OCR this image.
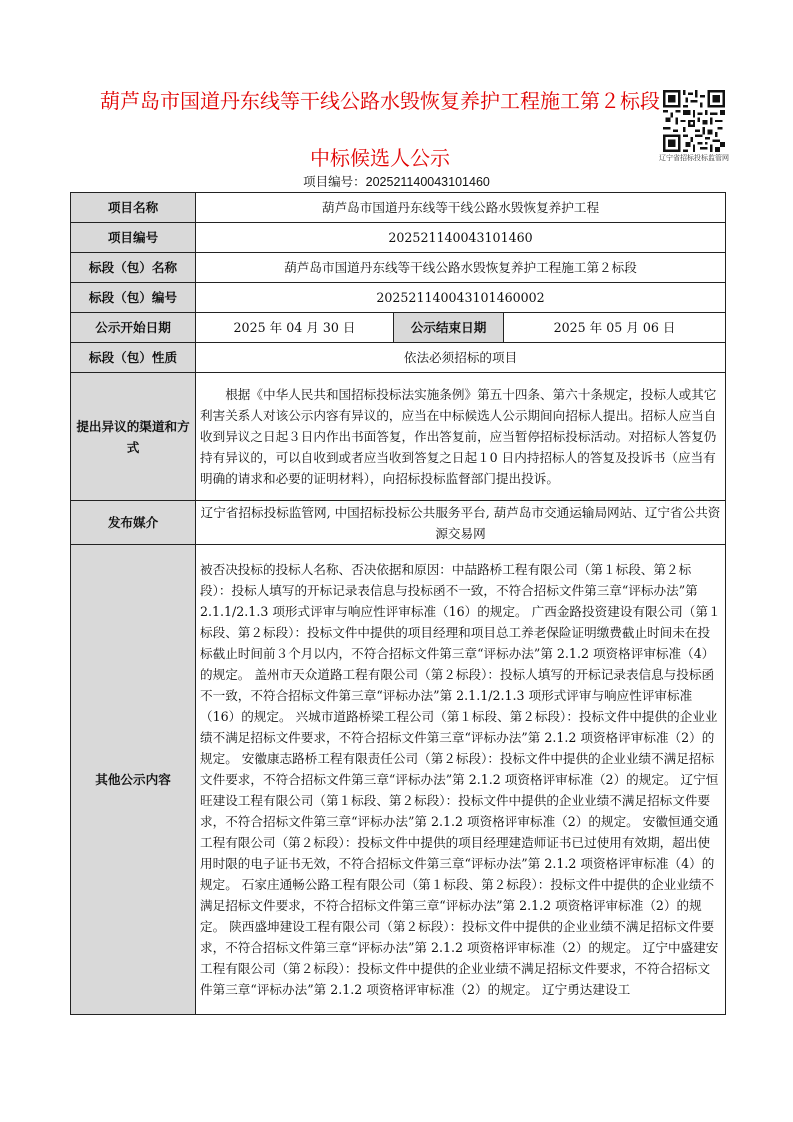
葫芦岛市国道丹东线等干线公路水毁恢复养护工程施工第２标段
中标候选人公示
项目编号：202521140043101460
辽宁省招标投标监管网
项目名称	葫芦岛市国道丹东线等干线公路水毁恢复养护工程		
项目编号	202521140043101460		
标段（包）名称	葫芦岛市国道丹东线等干线公路水毁恢复养护工程施工第２标段		
标段（包）编号	202521140043101460002		
公示开始日期	2025 年 04 月 30 日	公示结束日期	2025 年 05 月 06 日
标段（包）性质	依法必须招标的项目		
提出异议的渠道和方式	根据《中华人民共和国招标投标法实施条例》第五十四条、第六十条规定，投标人或其它利害关系人对该公示内容有异议的，应当在中标候选人公示期间向招标人提出。招标人应当自收到异议之日起３日内作出书面答复，作出答复前，应当暂停招标投标活动。对招标人答复仍持有异议的，可以自收到或者应当收到答复之日起１0 日内持招标人的答复及投诉书（应当有明确的请求和必要的证明材料），向招标投标监督部门提出投诉。		
发布媒介	辽宁省招标投标监管网, 中国招标投标公共服务平台, 葫芦岛市交通运输局网站、辽宁省公共资源交易网		
其他公示内容	被否决投标的投标人名称、否决依据和原因：中喆路桥工程有限公司（第１标段、第２标段）：投标人填写的开标记录表信息与投标函不一致，不符合招标文件第三章“评标办法”第 2.1.1/2.1.3 项形式评审与响应性评审标准（16）的规定。 广西金路投资建设有限公司（第１标段、第２标段）：投标文件中提供的项目经理和项目总工养老保险证明缴费截止时间未在投标截止时间前３个月以内，不符合招标文件第三章“评标办法”第 2.1.2 项资格评审标准（4）的规定。 盖州市天众道路工程有限公司（第２标段）：投标人填写的开标记录表信息与投标函不一致，不符合招标文件第三章“评标办法”第 2.1.1/2.1.3 项形式评审与响应性评审标准（16）的规定。 兴城市道路桥梁工程公司（第１标段、第２标段）：投标文件中提供的企业业绩不满足招标文件要求，不符合招标文件第三章“评标办法”第 2.1.2 项资格评审标准（2）的规定。 安徽康志路桥工程有限责任公司（第２标段）：投标文件中提供的企业业绩不满足招标文件要求，不符合招标文件第三章“评标办法”第 2.1.2 项资格评审标准（2）的规定。 辽宁恒旺建设工程有限公司（第１标段、第２标段）：投标文件中提供的企业业绩不满足招标文件要求，不符合招标文件第三章“评标办法”第 2.1.2 项资格评审标准（2）的规定。 安徽恒通交通工程有限公司（第２标段）：投标文件中提供的项目经理建造师证书已过使用有效期，超出使用时限的电子证书无效，不符合招标文件第三章“评标办法”第 2.1.2 项资格评审标准（4）的规定。 石家庄通畅公路工程有限公司（第１标段、第２标段）：投标文件中提供的企业业绩不满足招标文件要求，不符合招标文件第三章“评标办法”第 2.1.2 项资格评审标准（2）的规定。 陕西盛坤建设工程有限公司（第２标段）：投标文件中提供的企业业绩不满足招标文件要求，不符合招标文件第三章“评标办法”第 2.1.2 项资格评审标准（2）的规定。 辽宁中盛建安工程有限公司（第２标段）：投标文件中提供的企业业绩不满足招标文件要求，不符合招标文件第三章“评标办法”第 2.1.2 项资格评审标准（2）的规定。 辽宁勇达建设工		
